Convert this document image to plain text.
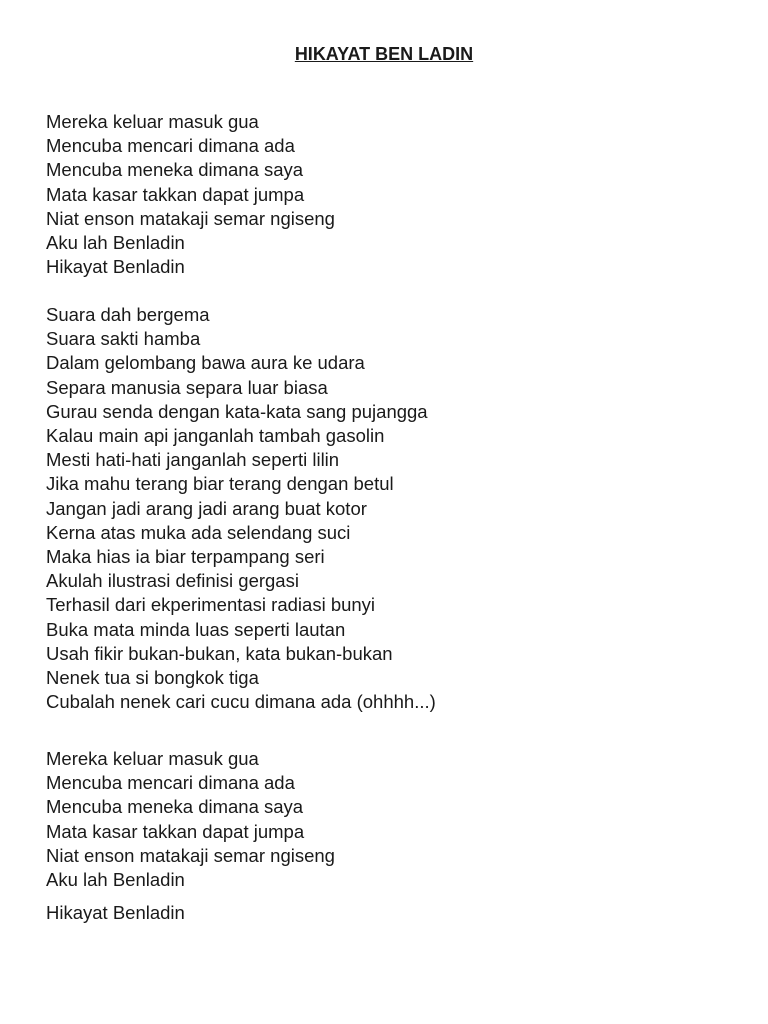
HIKAYAT BEN LADIN
Mereka keluar masuk gua
Mencuba mencari dimana ada
Mencuba meneka dimana saya
Mata kasar takkan dapat jumpa
Niat enson matakaji semar ngiseng
Aku lah Benladin
Hikayat Benladin
Suara dah bergema
Suara sakti hamba
Dalam gelombang bawa aura ke udara
Separa manusia separa luar biasa
Gurau senda dengan kata-kata sang pujangga
Kalau main api janganlah tambah gasolin
Mesti hati-hati janganlah seperti lilin
Jika mahu terang biar terang dengan betul
Jangan jadi arang jadi arang buat kotor
Kerna atas muka ada selendang suci
Maka hias ia biar terpampang seri
Akulah ilustrasi definisi gergasi
Terhasil dari ekperimentasi radiasi bunyi
Buka mata minda luas seperti lautan
Usah fikir bukan-bukan, kata bukan-bukan
Nenek tua si bongkok tiga
Cubalah nenek cari cucu dimana ada (ohhhh...)
Mereka keluar masuk gua
Mencuba mencari dimana ada
Mencuba meneka dimana saya
Mata kasar takkan dapat jumpa
Niat enson matakaji semar ngiseng
Aku lah Benladin

Hikayat Benladin
